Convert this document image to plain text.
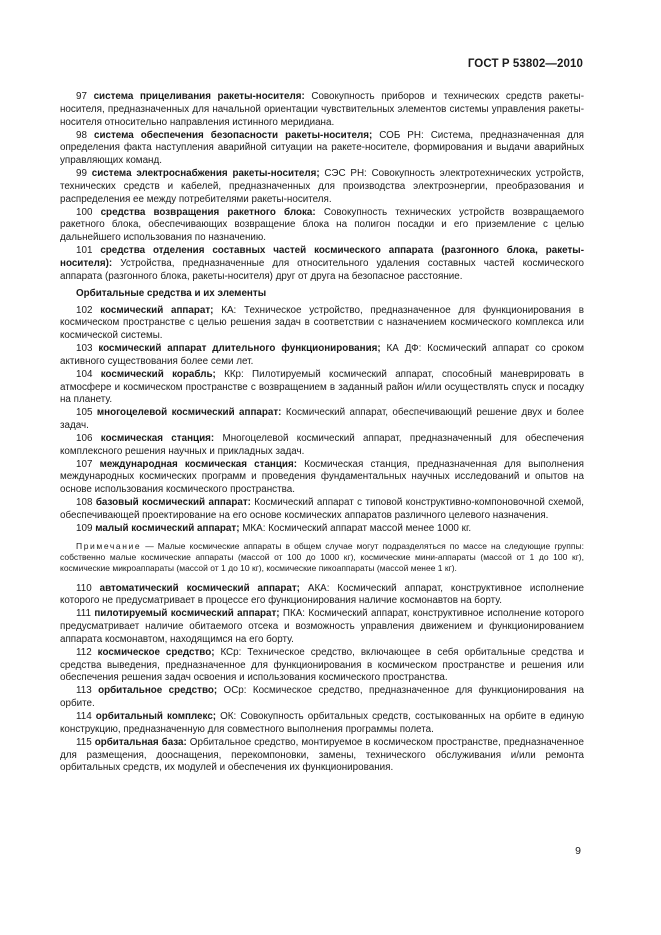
ГОСТ Р 53802—2010

97 система прицеливания ракеты-носителя: Совокупность приборов и технических средств ракеты-носителя, предназначенных для начальной ориентации чувствительных элементов системы управления ракеты-носителя относительно направления истинного меридиана.

98 система обеспечения безопасности ракеты-носителя; СОБ РН: Система, предназначенная для определения факта наступления аварийной ситуации на ракете-носителе, формирования и выдачи аварийных управляющих команд.

99 система электроснабжения ракеты-носителя; СЭС РН: Совокупность электротехнических устройств, технических средств и кабелей, предназначенных для производства электроэнергии, преобразования и распределения ее между потребителями ракеты-носителя.

100 средства возвращения ракетного блока: Совокупность технических устройств возвращаемого ракетного блока, обеспечивающих возвращение блока на полигон посадки и его приземление с целью дальнейшего использования по назначению.

101 средства отделения составных частей космического аппарата (разгонного блока, ракеты-носителя): Устройства, предназначенные для относительного удаления составных частей космического аппарата (разгонного блока, ракеты-носителя) друг от друга на безопасное расстояние.

Орбитальные средства и их элементы

102 космический аппарат; КА: Техническое устройство, предназначенное для функционирования в космическом пространстве с целью решения задач в соответствии с назначением космического комплекса или космической системы.

103 космический аппарат длительного функционирования; КА ДФ: Космический аппарат со сроком активного существования более семи лет.

104 космический корабль; ККр: Пилотируемый космический аппарат, способный маневрировать в атмосфере и космическом пространстве с возвращением в заданный район и/или осуществлять спуск и посадку на планету.

105 многоцелевой космический аппарат: Космический аппарат, обеспечивающий решение двух и более задач.

106 космическая станция: Многоцелевой космический аппарат, предназначенный для обеспечения комплексного решения научных и прикладных задач.

107 международная космическая станция: Космическая станция, предназначенная для выполнения международных космических программ и проведения фундаментальных научных исследований и опытов на основе использования космического пространства.

108 базовый космический аппарат: Космический аппарат с типовой конструктивно-компоновочной схемой, обеспечивающей проектирование на его основе космических аппаратов различного целевого назначения.

109 малый космический аппарат; МКА: Космический аппарат массой менее 1000 кг.

Примечание — Малые космические аппараты в общем случае могут подразделяться по массе на следующие группы: собственно малые космические аппараты (массой от 100 до 1000 кг), космические мини-аппараты (массой от 1 до 100 кг), космические микроаппараты (массой от 1 до 10 кг), космические пикоаппараты (массой менее 1 кг).

110 автоматический космический аппарат; АКА: Космический аппарат, конструктивное исполнение которого не предусматривает в процессе его функционирования наличие космонавтов на борту.

111 пилотируемый космический аппарат; ПКА: Космический аппарат, конструктивное исполнение которого предусматривает наличие обитаемого отсека и возможность управления движением и функционированием аппарата космонавтом, находящимся на его борту.

112 космическое средство; КСр: Техническое средство, включающее в себя орбитальные средства и средства выведения, предназначенное для функционирования в космическом пространстве и решения или обеспечения решения задач освоения и использования космического пространства.

113 орбитальное средство; ОСр: Космическое средство, предназначенное для функционирования на орбите.

114 орбитальный комплекс; ОК: Совокупность орбитальных средств, состыкованных на орбите в единую конструкцию, предназначенную для совместного выполнения программы полета.

115 орбитальная база: Орбитальное средство, монтируемое в космическом пространстве, предназначенное для размещения, дооснащения, перекомпоновки, замены, технического обслуживания и/или ремонта орбитальных средств, их модулей и обеспечения их функционирования.

9
